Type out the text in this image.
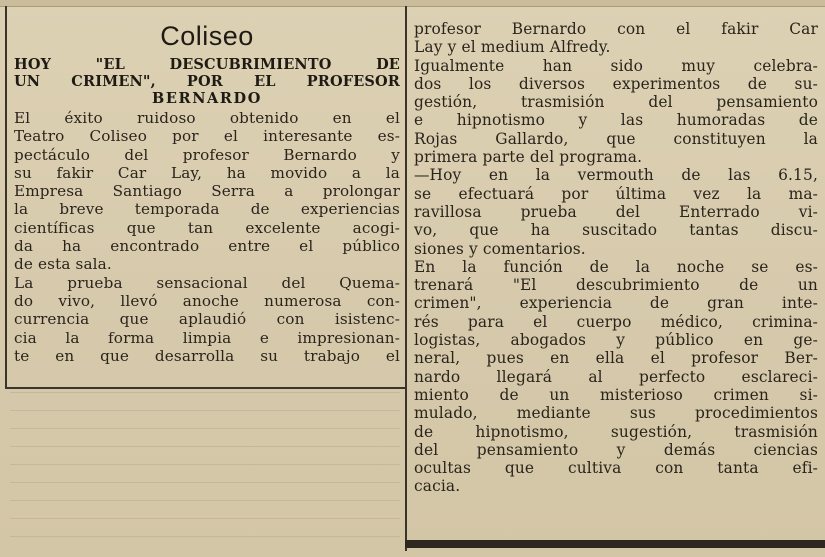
Coliseo
HOY "EL DESCUBRIMIENTO DE
UN CRIMEN", POR EL PROFESOR
BERNARDO
El éxito ruidoso obtenido en el
Teatro Coliseo por el interesante es-
pectáculo del profesor Bernardo y
su fakir Car Lay, ha movido a la
Empresa Santiago Serra a prolongar
la breve temporada de experiencias
científicas que tan excelente acogi-
da ha encontrado entre el público
de esta sala.
La prueba sensacional del Quema-
do vivo, llevó anoche numerosa con-
currencia que aplaudió con isistenc-
cia la forma limpia e impresionan-
te en que desarrolla su trabajo el
profesor Bernardo con el fakir Car
Lay y el medium Alfredy.
Igualmente han sido muy celebra-
dos los diversos experimentos de su-
gestión, trasmisión del pensamiento
e hipnotismo y las humoradas de
Rojas Gallardo, que constituyen la
primera parte del programa.
—Hoy en la vermouth de las 6.15,
se efectuará por última vez la ma-
ravillosa prueba del Enterrado vi-
vo, que ha suscitado tantas discu-
siones y comentarios.
En la función de la noche se es-
trenará "El descubrimiento de un
crimen", experiencia de gran inte-
rés para el cuerpo médico, crimina-
logistas, abogados y público en ge-
neral, pues en ella el profesor Ber-
nardo llegará al perfecto esclareci-
miento de un misterioso crimen si-
mulado, mediante sus procedimientos
de hipnotismo, sugestión, trasmisión
del pensamiento y demás ciencias
ocultas que cultiva con tanta efi-
cacia.
